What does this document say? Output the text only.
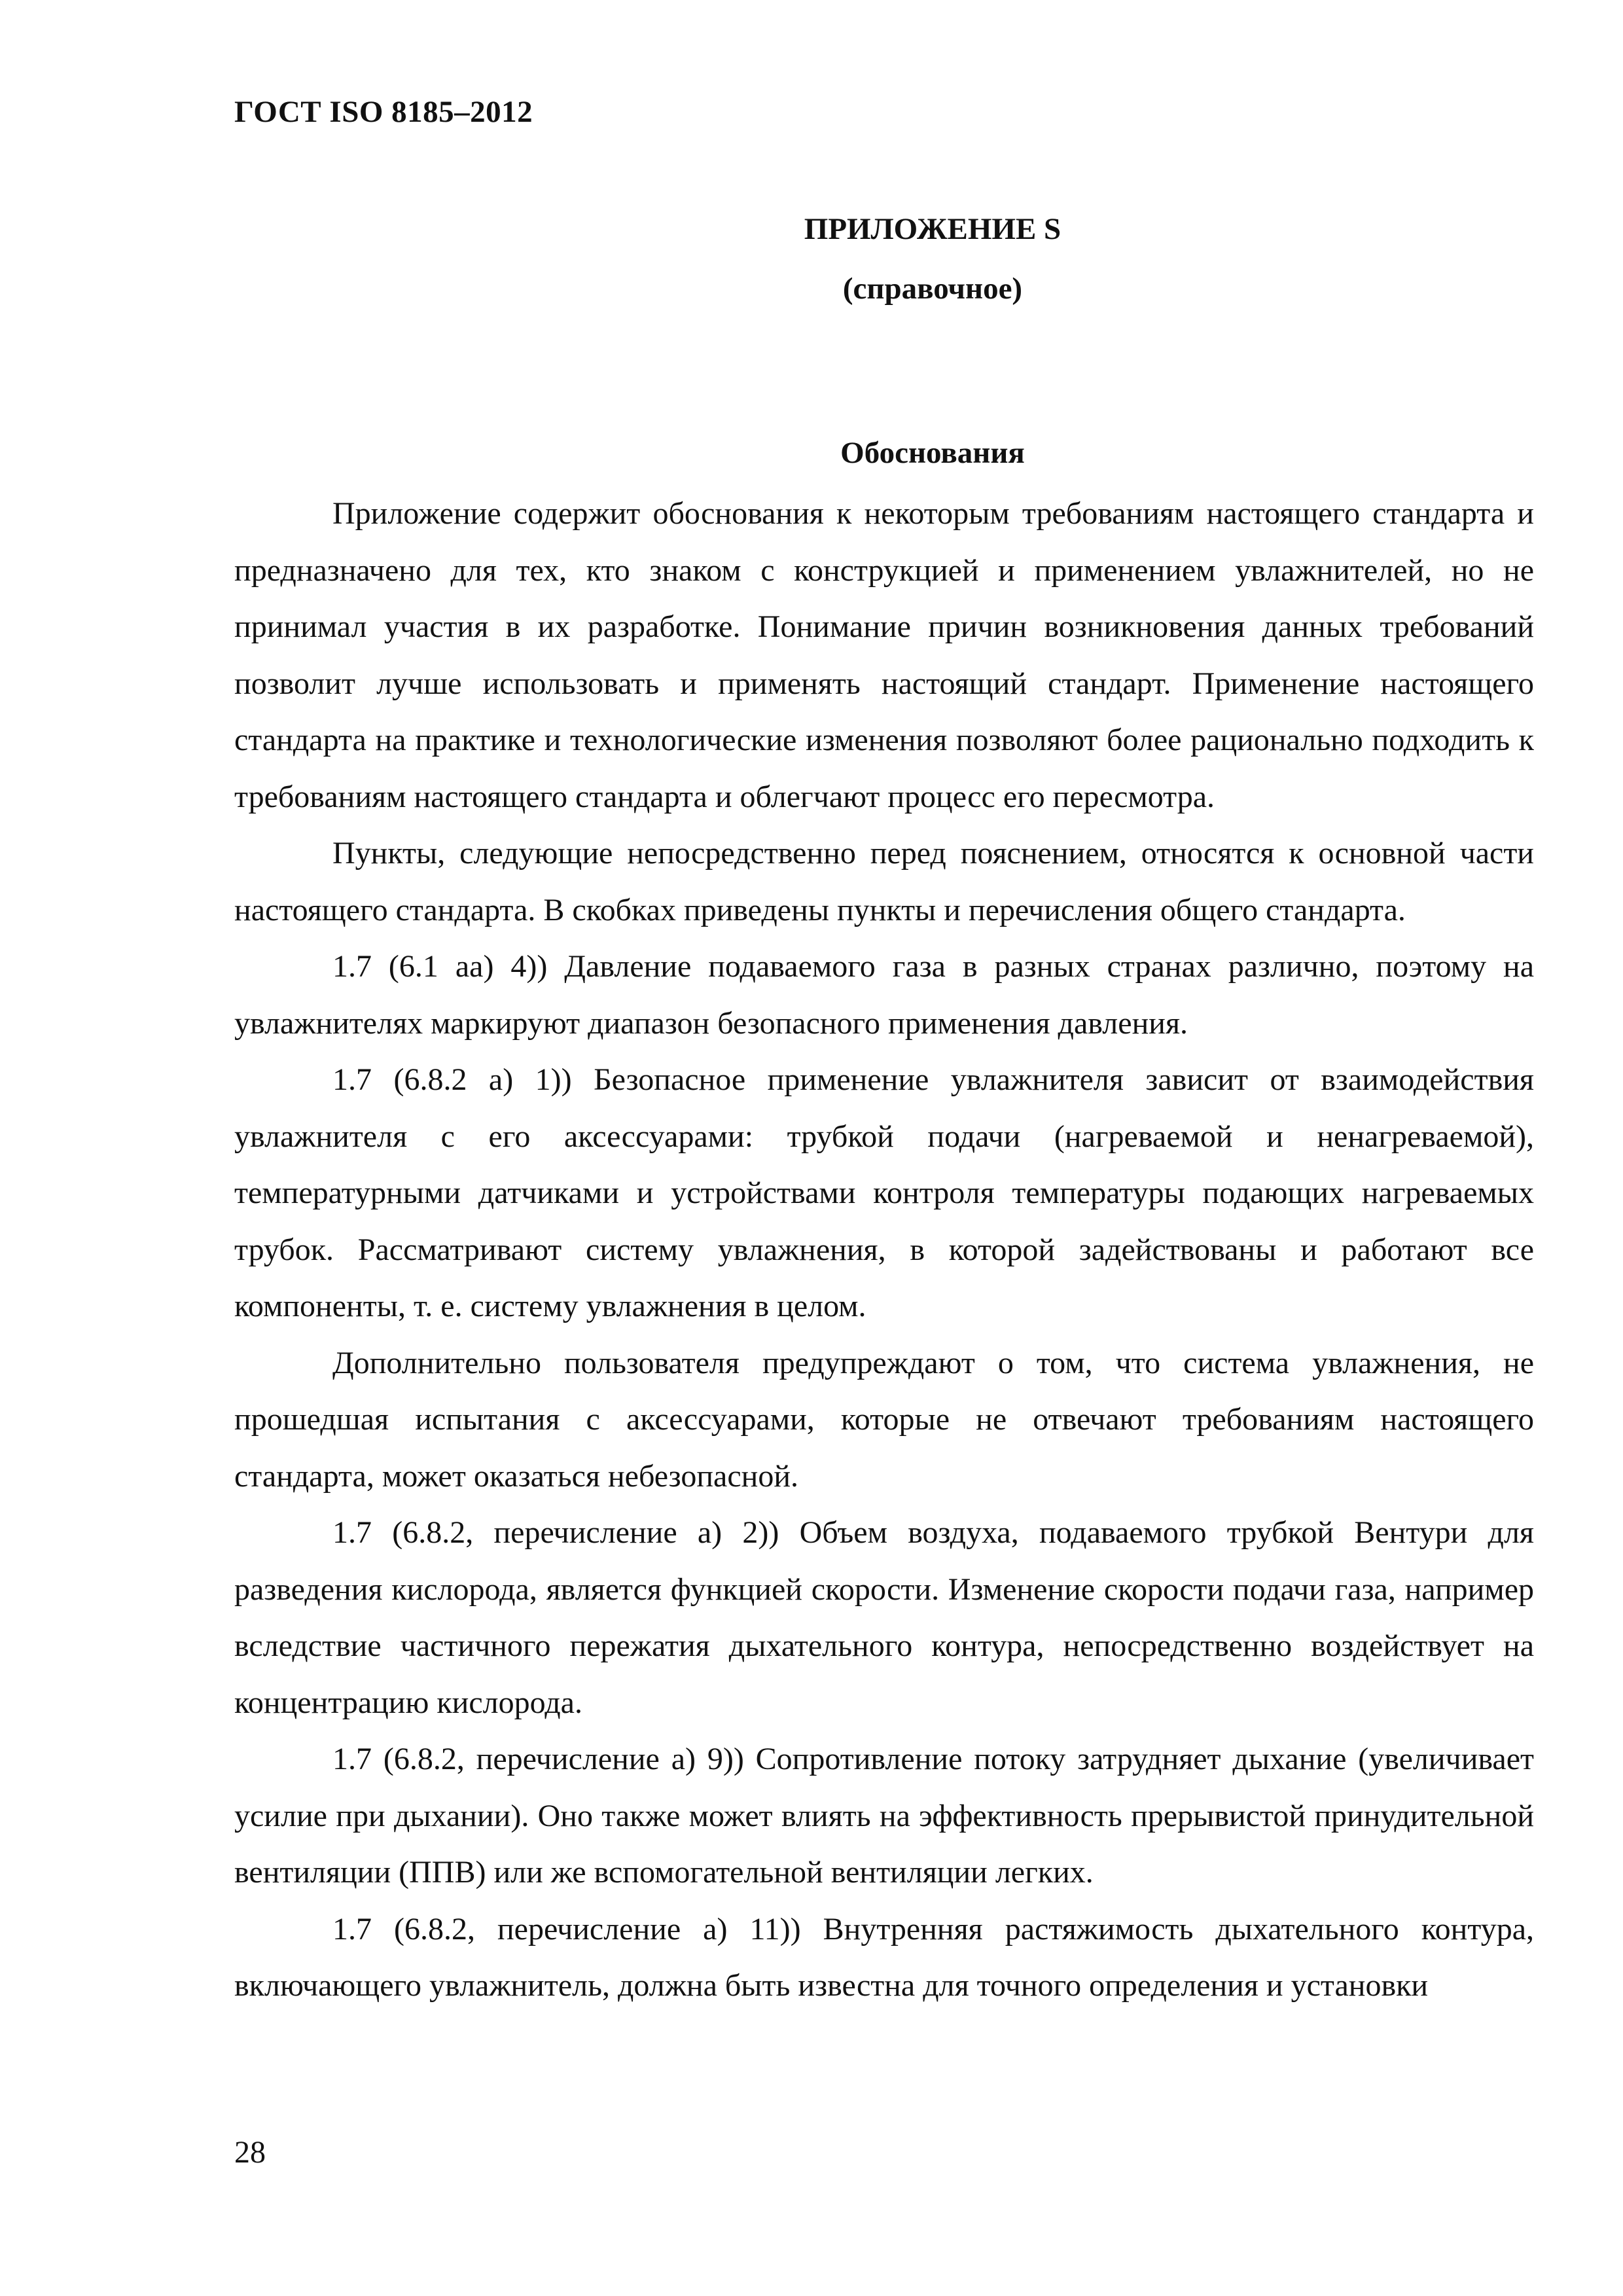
ГОСТ ISO 8185–2012
ПРИЛОЖЕНИЕ S
(справочное)
Обоснования

Приложение содержит обоснования к некоторым требованиям настоящего стандарта и предназначено для тех, кто знаком с конструкцией и применением увлажнителей, но не принимал участия в их разработке. Понимание причин возникновения данных требований позволит лучше использовать и применять настоящий стандарт. Применение настоящего стандарта на практике и технологические изменения позволяют более рационально подходить к требованиям настоящего стандарта и облегчают процесс его пересмотра.

Пункты, следующие непосредственно перед пояснением, относятся к основной части настоящего стандарта. В скобках приведены пункты и перечисления общего стандарта.

1.7 (6.1 аа) 4)) Давление подаваемого газа в разных странах различно, поэтому на увлажнителях маркируют диапазон безопасного применения давления.

1.7 (6.8.2 а) 1)) Безопасное применение увлажнителя зависит от взаимодействия увлажнителя с его аксессуарами: трубкой подачи (нагреваемой и ненагреваемой), температурными датчиками и устройствами контроля температуры подающих нагреваемых трубок. Рассматривают систему увлажнения, в которой задействованы и работают все компоненты, т. е. систему увлажнения в целом.

Дополнительно пользователя предупреждают о том, что система увлажнения, не прошедшая испытания с аксессуарами, которые не отвечают требованиям настоящего стандарта, может оказаться небезопасной.

1.7 (6.8.2, перечисление а) 2)) Объем воздуха, подаваемого трубкой Вентури для разведения кислорода, является функцией скорости. Изменение скорости подачи газа, например вследствие частичного пережатия дыхательного контура, непосредственно воздействует на концентрацию кислорода.

1.7 (6.8.2, перечисление а) 9)) Сопротивление потоку затрудняет дыхание (увеличивает усилие при дыхании). Оно также может влиять на эффективность прерывистой принудительной вентиляции (ППВ) или же вспомогательной вентиляции легких.

1.7 (6.8.2, перечисление а) 11)) Внутренняя растяжимость дыхательного контура, включающего увлажнитель, должна быть известна для точного определения и установки

28
